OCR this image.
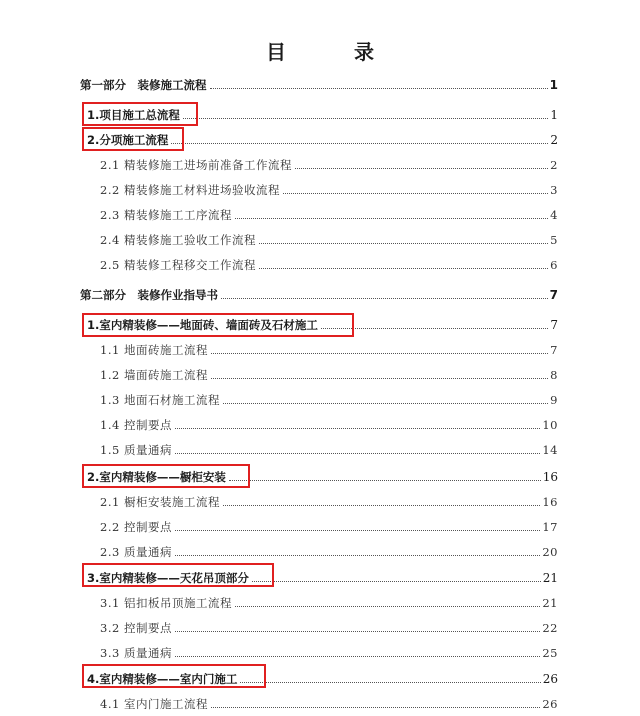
目　录
第一部分　装修施工流程	1
1.项目施工总流程	1
2.分项施工流程	2
2.1 精装修施工进场前准备工作流程	2
2.2 精装修施工材料进场验收流程	3
2.3 精装修施工工序流程	4
2.4 精装修施工验收工作流程	5
2.5 精装修工程移交工作流程	6
第二部分　装修作业指导书	7
1.室内精装修——地面砖、墙面砖及石材施工	7
1.1 地面砖施工流程	7
1.2 墙面砖施工流程	8
1.3 地面石材施工流程	9
1.4 控制要点	10
1.5 质量通病	14
2.室内精装修——橱柜安装	16
2.1 橱柜安装施工流程	16
2.2 控制要点	17
2.3 质量通病	20
3.室内精装修——天花吊顶部分	21
3.1 铝扣板吊顶施工流程	21
3.2 控制要点	22
3.3 质量通病	25
4.室内精装修——室内门施工	26
4.1 室内门施工流程	26
